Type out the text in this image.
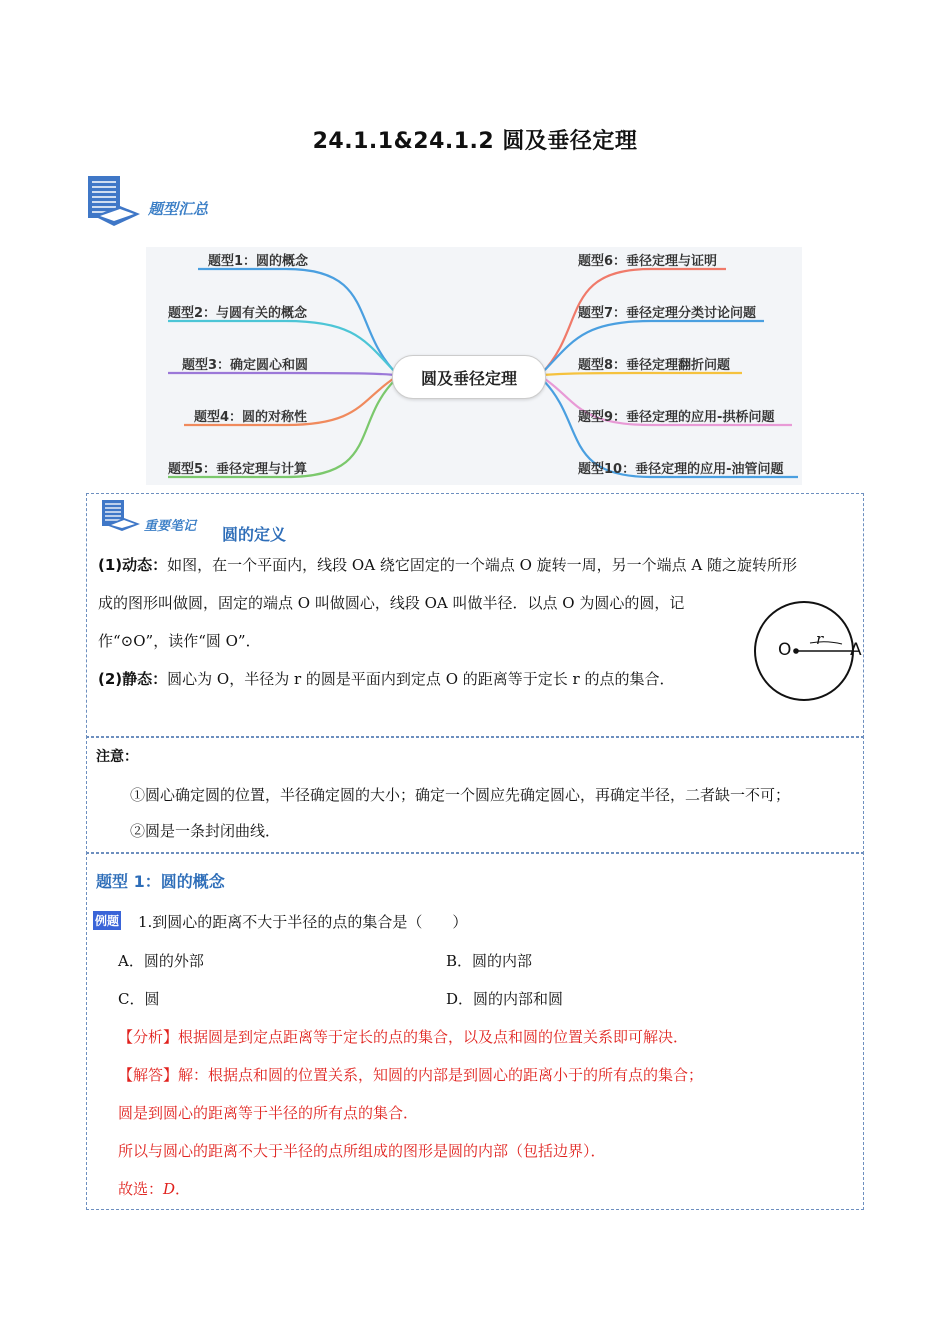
24.1.1&24.1.2 圆及垂径定理
题型汇总
圆及垂径定理
题型1：圆的概念
题型2：与圆有关的概念
题型3：确定圆心和圆
题型4：圆的对称性
题型5：垂径定理与计算
题型6：垂径定理与证明
题型7：垂径定理分类讨论问题
题型8：垂径定理翻折问题
题型9：垂径定理的应用-拱桥问题
题型10：垂径定理的应用-油管问题
重要笔记 圆的定义
(1)动态：如图，在一个平面内，线段 OA 绕它固定的一个端点 O 旋转一周，另一个端点 A 随之旋转所形
成的图形叫做圆，固定的端点 O 叫做圆心，线段 OA 叫做半径．以点 O 为圆心的圆，记
作“⊙O”，读作“圆 O”．
(2)静态：圆心为 O，半径为 r 的圆是平面内到定点 O 的距离等于定长 r 的点的集合．
O
r
A
注意：
①圆心确定圆的位置，半径确定圆的大小；确定一个圆应先确定圆心，再确定半径，二者缺一不可；
②圆是一条封闭曲线．
题型 1：圆的概念
例题 1.到圆心的距离不大于半径的点的集合是（　　）
A．圆的外部	B．圆的内部
C．圆	D．圆的内部和圆
【分析】根据圆是到定点距离等于定长的点的集合，以及点和圆的位置关系即可解决．
【解答】解：根据点和圆的位置关系，知圆的内部是到圆心的距离小于的所有点的集合；
圆是到圆心的距离等于半径的所有点的集合．
所以与圆心的距离不大于半径的点所组成的图形是圆的内部（包括边界）．
故选：D．
